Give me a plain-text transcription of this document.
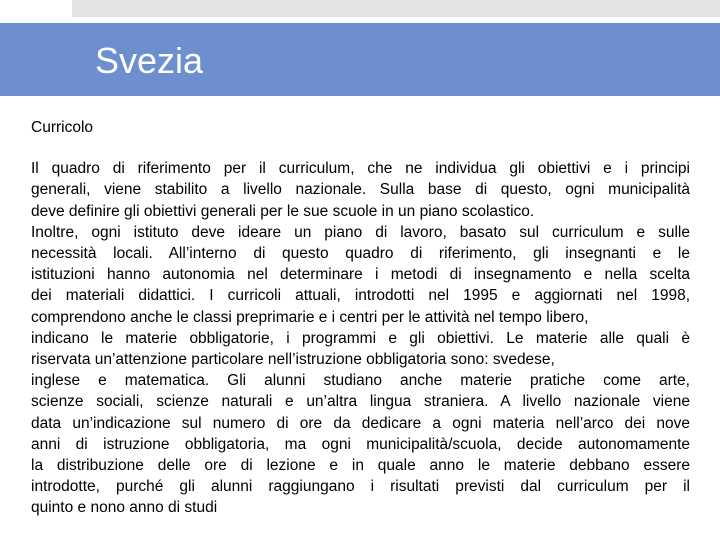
Svezia

Curricolo

Il quadro di riferimento per il curriculum, che ne individua gli obiettivi e i principi
generali, viene stabilito a livello nazionale. Sulla base di questo, ogni municipalità
deve definire gli obiettivi generali per le sue scuole in un piano scolastico.
Inoltre, ogni istituto deve ideare un piano di lavoro, basato sul curriculum e sulle
necessità locali. All’interno di questo quadro di riferimento, gli insegnanti e le
istituzioni hanno autonomia nel determinare i metodi di insegnamento e nella scelta
dei materiali didattici. I curricoli attuali, introdotti nel 1995 e aggiornati nel 1998,
comprendono anche le classi preprimarie e i centri per le attività nel tempo libero,
indicano le materie obbligatorie, i programmi e gli obiettivi. Le materie alle quali è
riservata un’attenzione particolare nell’istruzione obbligatoria sono: svedese,
inglese e matematica. Gli alunni studiano anche materie pratiche come arte,
scienze sociali, scienze naturali e un’altra lingua straniera. A livello nazionale viene
data un’indicazione sul numero di ore da dedicare a ogni materia nell’arco dei nove
anni di istruzione obbligatoria, ma ogni municipalità/scuola, decide autonomamente
la distribuzione delle ore di lezione e in quale anno le materie debbano essere
introdotte, purché gli alunni raggiungano i risultati previsti dal curriculum per il
quinto e nono anno di studi
